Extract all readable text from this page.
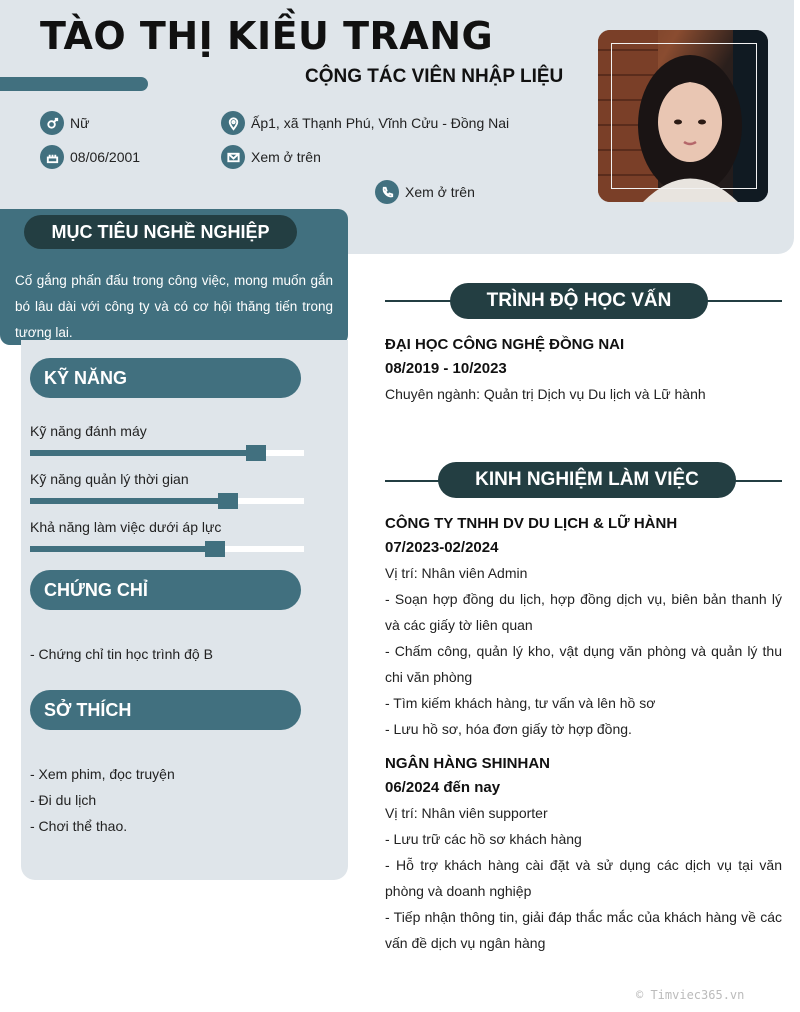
TÀO THỊ KIỀU TRANG
CỘNG TÁC VIÊN NHẬP LIỆU
Nữ
08/06/2001
Ấp1, xã Thạnh Phú, Vĩnh Cửu - Đồng Nai
Xem ở trên
Xem ở trên
MỤC TIÊU NGHỀ NGHIỆP

Cố gắng phấn đấu trong công việc, mong muốn gắn bó lâu dài với công ty và có cơ hội thăng tiến trong tương lai.

KỸ NĂNG
Kỹ năng đánh máy
Kỹ năng quản lý thời gian
Khả năng làm việc dưới áp lực
CHỨNG CHỈ
- Chứng chỉ tin học trình độ B
SỞ THÍCH
- Xem phim, đọc truyện
- Đi du lịch
- Chơi thể thao.
TRÌNH ĐỘ HỌC VẤN
ĐẠI HỌC CÔNG NGHỆ ĐỒNG NAI
08/2019 - 10/2023
Chuyên ngành: Quản trị Dịch vụ Du lịch và Lữ hành
KINH NGHIỆM LÀM VIỆC
CÔNG TY TNHH DV DU LỊCH & LỮ HÀNH
07/2023-02/2024

Vị trí: Nhân viên Admin

- Soạn hợp đồng du lịch, hợp đồng dịch vụ, biên bản thanh lý và các giấy tờ liên quan

- Chấm công, quản lý kho, vật dụng văn phòng và quản lý thu chi văn phòng

- Tìm kiếm khách hàng, tư vấn và lên hồ sơ

- Lưu hồ sơ, hóa đơn giấy tờ hợp đồng.

NGÂN HÀNG SHINHAN
06/2024 đến nay

Vị trí: Nhân viên supporter

- Lưu trữ các hồ sơ khách hàng

- Hỗ trợ khách hàng cài đặt và sử dụng các dịch vụ tại văn phòng và doanh nghiệp

- Tiếp nhận thông tin, giải đáp thắc mắc của khách hàng về các vấn đề dịch vụ ngân hàng

© Timviec365.vn
